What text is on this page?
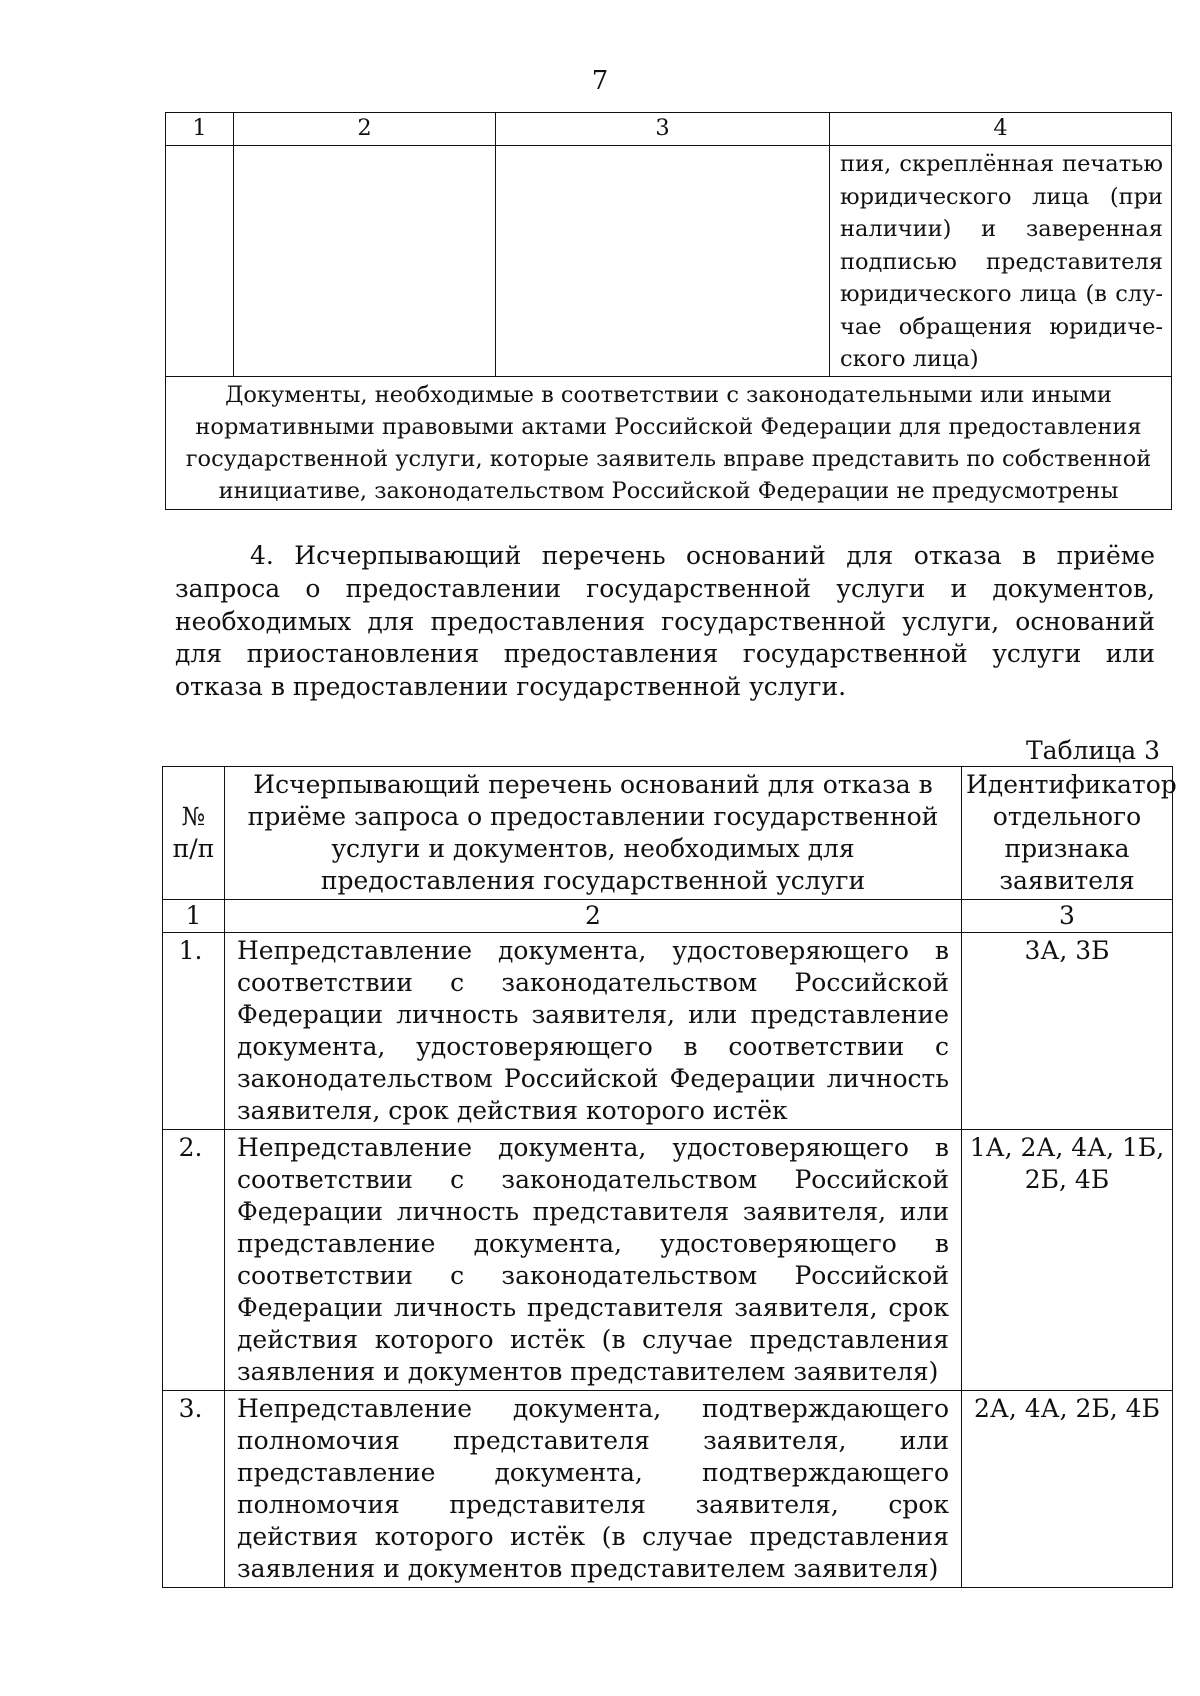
7
1	2	3	4
			пия, скреплённая печатью юридического лица (при наличии) и заверенная подписью представителя юридического лица (в случае обращения юридического лица)
Документы, необходимые в соответствии с законодательными или иными нормативными правовыми актами Российской Федерации для предоставления государственной услуги, которые заявитель вправе представить по собственной инициативе, законодательством Российской Федерации не предусмотрены			

4. Исчерпывающий перечень оснований для отказа в приёме запроса о предоставлении государственной услуги и документов, необходимых для предоставления государственной услуги, оснований для приостановления предоставления государственной услуги или отказа в предоставлении государственной услуги.

Таблица 3
№ п/п	Исчерпывающий перечень оснований для отказа в приёме запроса о предоставлении государственной услуги и документов, необходимых для предоставления государственной услуги	Идентификатор отдельного признака заявителя
1	2	3
1.	Непредставление документа, удостоверяющего в соответствии с законодательством Российской Федерации личность заявителя, или представление документа, удостоверяющего в соответствии с законодательством Российской Федерации личность заявителя, срок действия которого истёк	3А, 3Б
2.	Непредставление документа, удостоверяющего в соответствии с законодательством Российской Федерации личность представителя заявителя, или представление документа, удостоверяющего в соответствии с законодательством Российской Федерации личность представителя заявителя, срок действия которого истёк (в случае представления заявления и документов представителем заявителя)	1А, 2А, 4А, 1Б, 2Б, 4Б
3.	Непредставление документа, подтверждающего полномочия представителя заявителя, или представление документа, подтверждающего полномочия представителя заявителя, срок действия которого истёк (в случае представления заявления и документов представителем заявителя)	2А, 4А, 2Б, 4Б
